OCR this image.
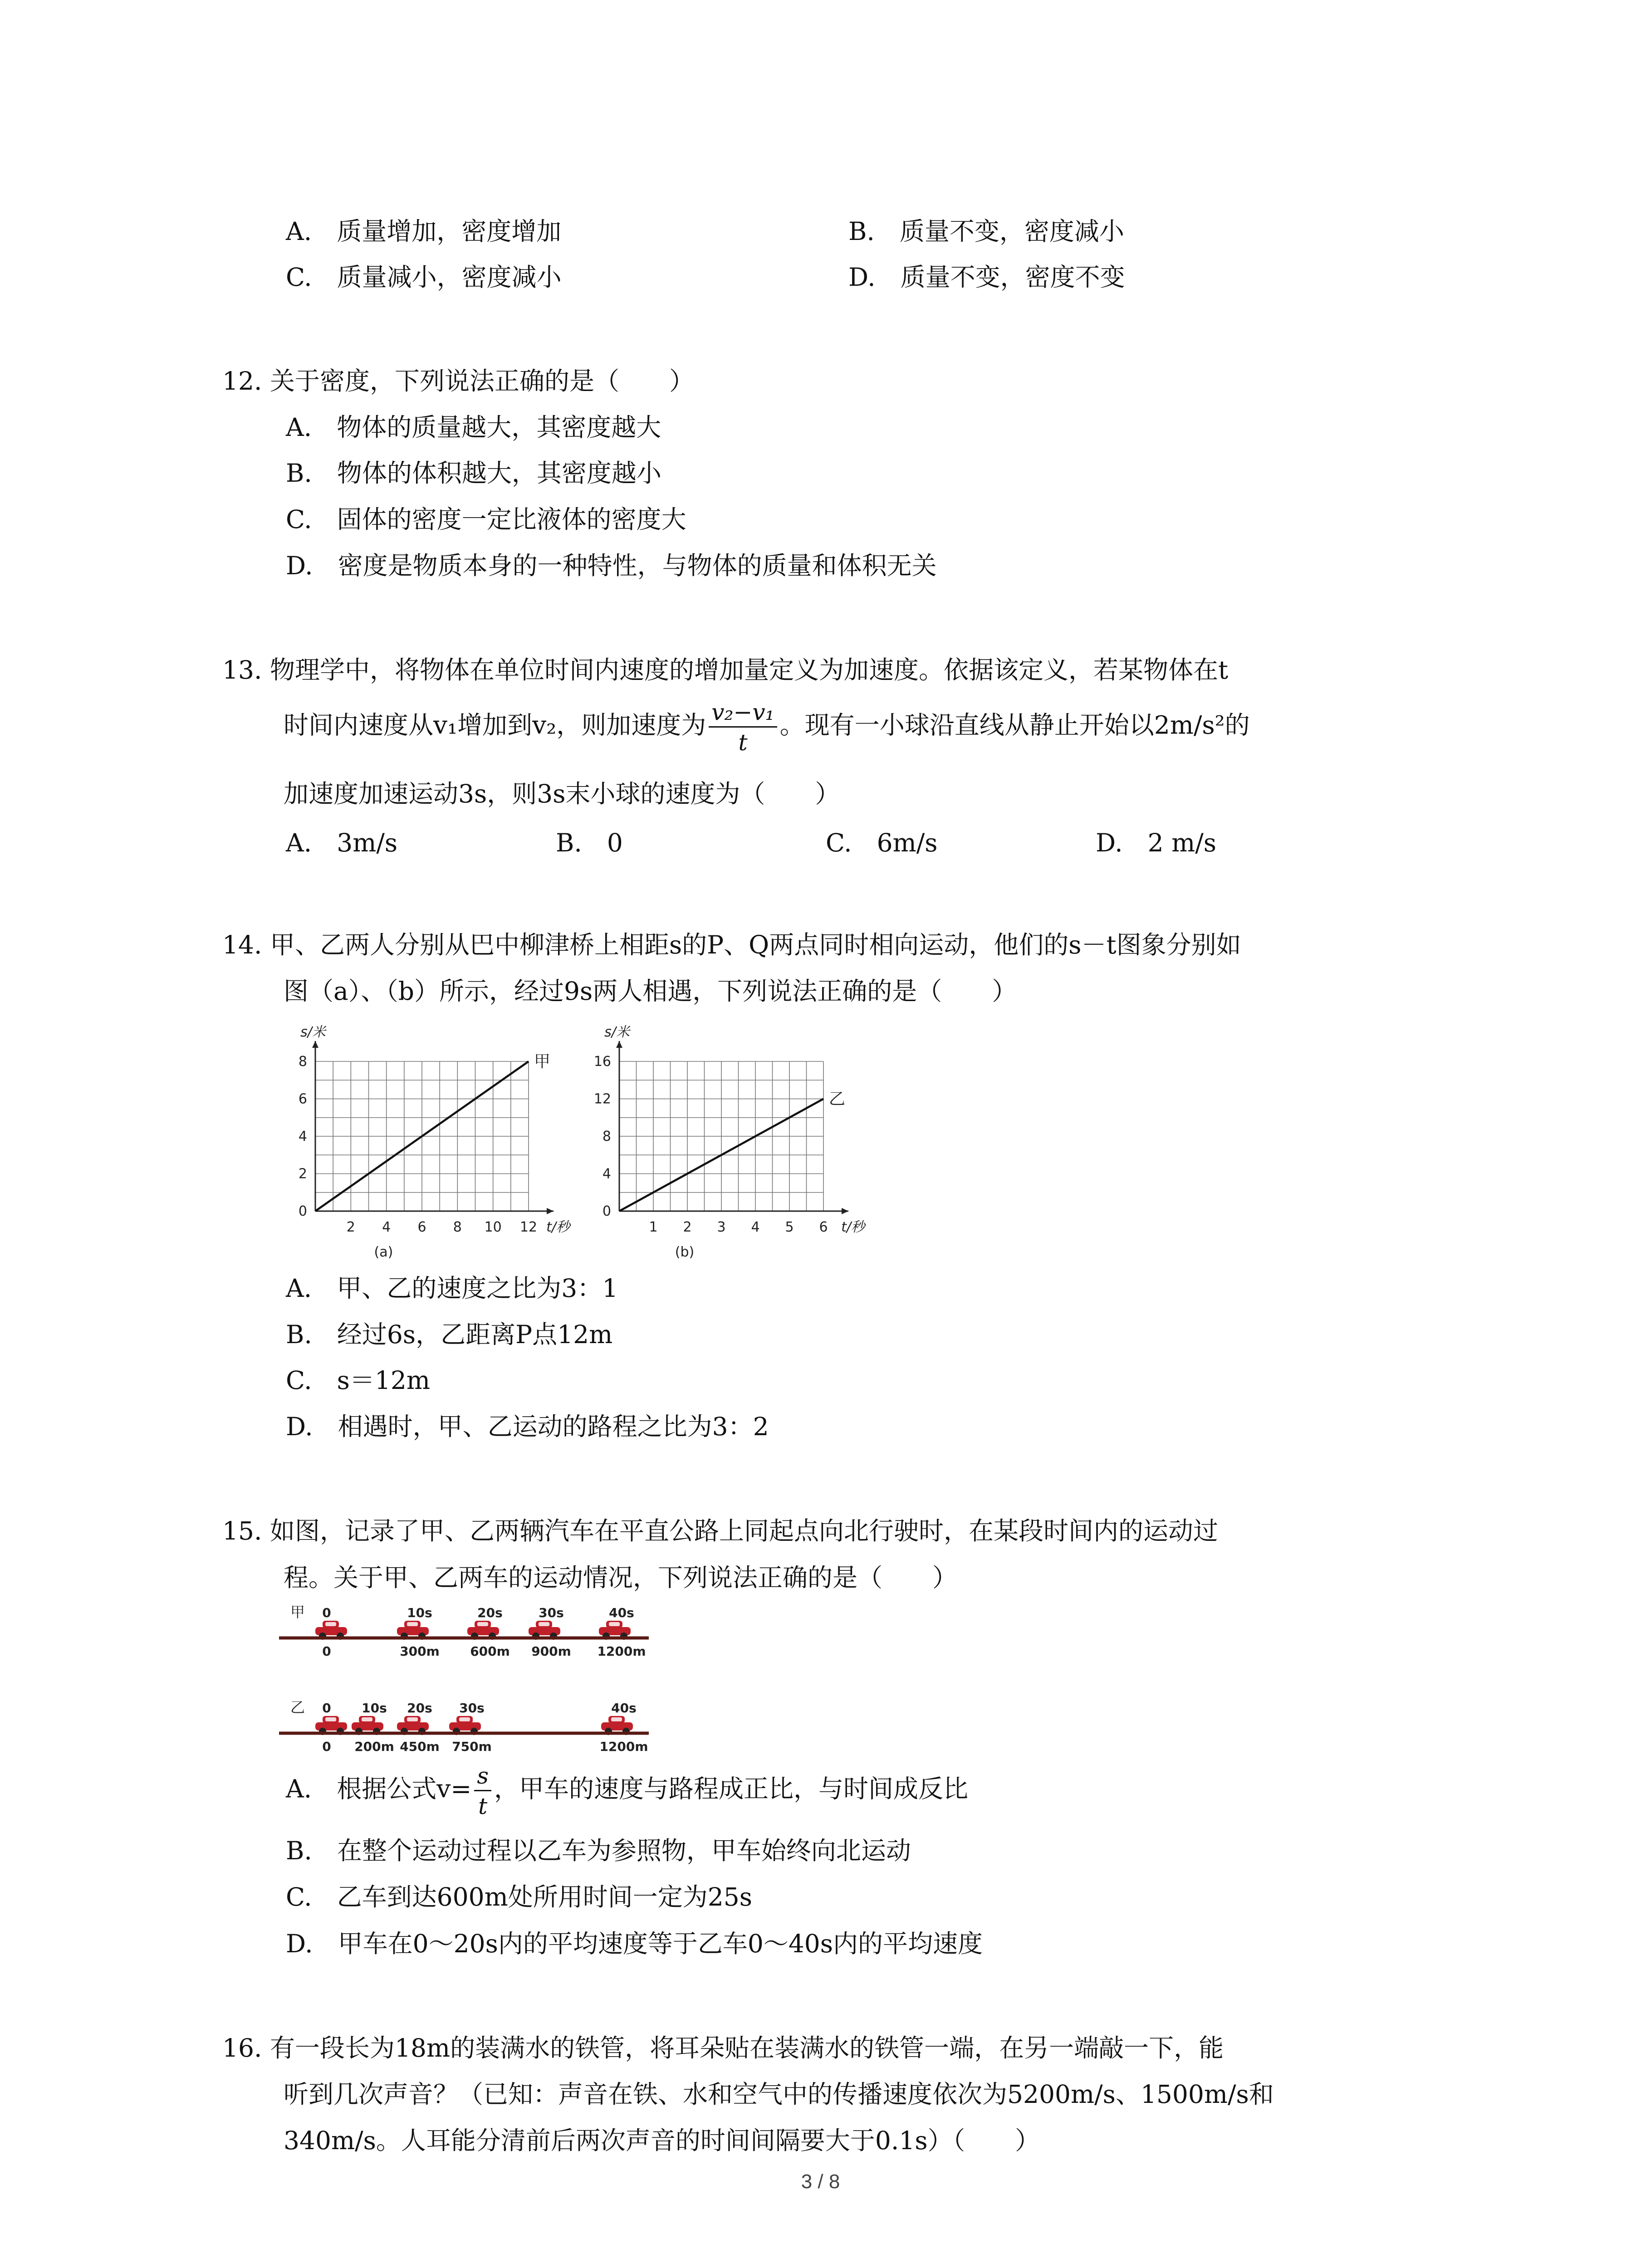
A.　质量增加，密度增加	B.　质量不变，密度减小
C.　质量减小，密度减小	D.　质量不变，密度不变
12. 关于密度，下列说法正确的是（　　）
A.　物体的质量越大，其密度越大
B.　物体的体积越大，其密度越小
C.　固体的密度一定比液体的密度大
D.　密度是物质本身的一种特性，与物体的质量和体积无关
13. 物理学中，将物体在单位时间内速度的增加量定义为加速度。依据该定义，若某物体在t
时间内速度从v₁增加到v₂，则加速度为 $\frac{\text{v₂−v₁}}{t}$ 。现有一小球沿直线从静止开始以2m/s²的
加速度加速运动3s，则3s末小球的速度为（　　）
A.　3m/s	B.　0	C.　6m/s	D.　2 m/s
14. 甲、乙两人分别从巴中柳津桥上相距s的P、Q两点同时相向运动，他们的s－t图象分别如
图（a）、（b）所示，经过9s两人相遇，下列说法正确的是（　　）
2 4 6 8 10 12
0
2
4
6
8
s/米
t/秒
(a)
甲
1 2 3 4 5 6
0
4
8
12
16
s/米
t/秒
(b)
乙
A.　甲、乙的速度之比为3：1
B.　经过6s，乙距离P点12m
C.　s＝12m
D.　相遇时，甲、乙运动的路程之比为3：2
15. 如图，记录了甲、乙两辆汽车在平直公路上同起点向北行驶时，在某段时间内的运动过
程。关于甲、乙两车的运动情况，下列说法正确的是（　　）
甲 0	10s	20s	30s	40s
0	300m 600m 900m 1200m
乙 0 10s 20s 30s	40s
0 200m 450m 750m	1200m
A.　根据公式$v= \frac{s}{t}$ ，甲车的速度与路程成正比，与时间成反比
B.　在整个运动过程以乙车为参照物，甲车始终向北运动
C.　乙车到达600m处所用时间一定为25s
D.　甲车在0～20s内的平均速度等于乙车0～40s内的平均速度
16. 有一段长为18m的装满水的铁管，将耳朵贴在装满水的铁管一端，在另一端敲一下，能
听到几次声音？（已知：声音在铁、水和空气中的传播速度依次为5200m/s、1500m/s和
340m/s。人耳能分清前后两次声音的时间间隔要大于0.1s）（　　）
3 / 8
